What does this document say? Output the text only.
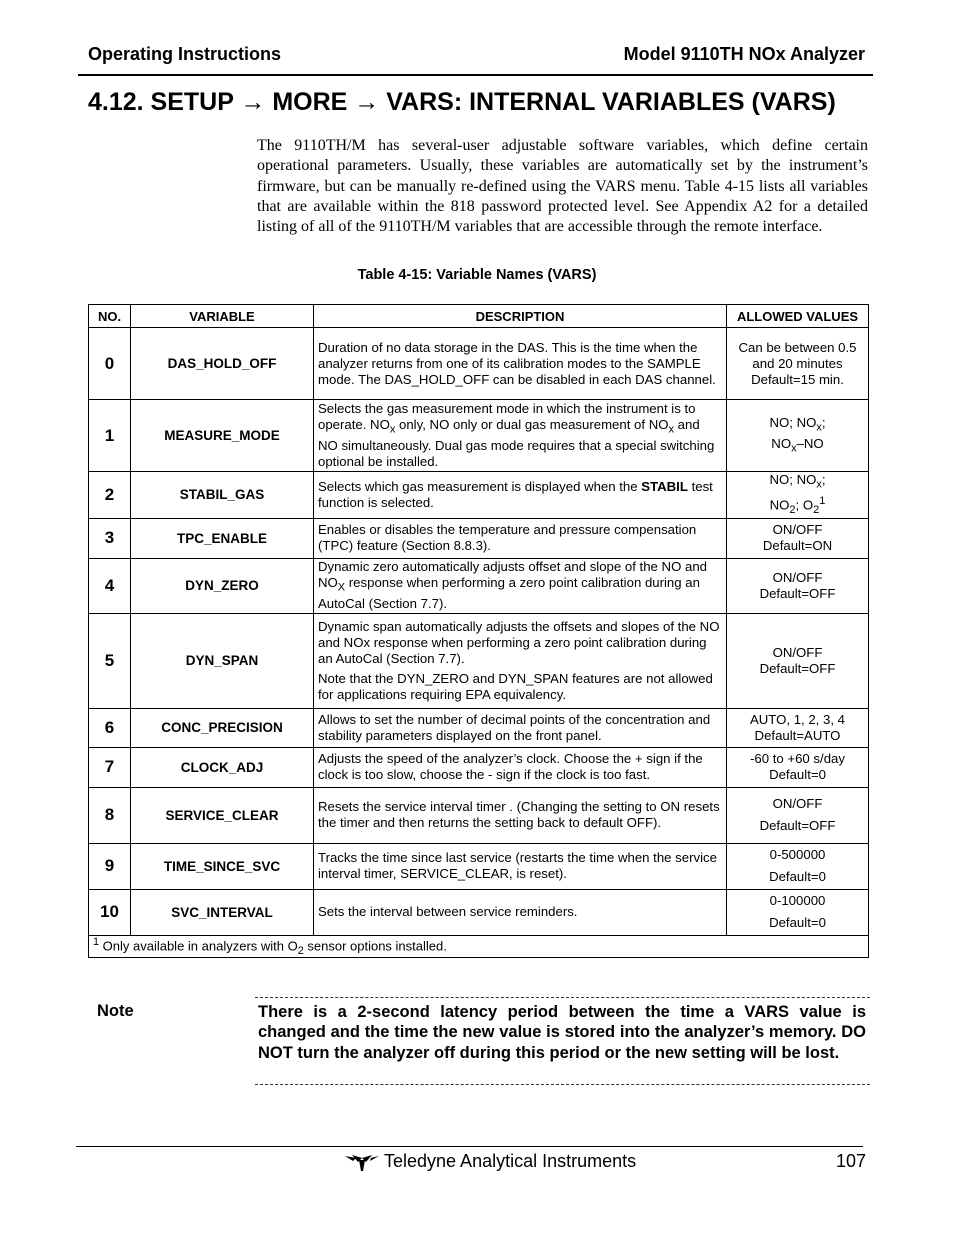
Operating Instructions	Model 9110TH NOx Analyzer
4.12. SETUP → MORE → VARS: INTERNAL VARIABLES (VARS)

The 9110TH/M has several-user adjustable software variables, which define certain operational parameters. Usually, these variables are automatically set by the instrument’s firmware, but can be manually re-defined using the VARS menu. Table 4-15 lists all variables that are available within the 818 password protected level. See Appendix A2 for a detailed listing of all of the 9110TH/M variables that are accessible through the remote interface.

Table 4-15: Variable Names (VARS)
NO.	VARIABLE	DESCRIPTION	ALLOWED VALUES
0	DAS_HOLD_OFF	Duration of no data storage in the DAS. This is the time when the analyzer returns from one of its calibration modes to the SAMPLE mode. The DAS_HOLD_OFF can be disabled in each DAS channel.	Can be between 0.5 and 20 minutes
Default=15 min.
1	MEASURE_MODE	Selects the gas measurement mode in which the instrument is to operate. $NO_x$ only, NO only or dual gas measurement of $NO_x$ and NO simultaneously. Dual gas mode requires that a special switching optional be installed.	NO; $NO_x$;
$NO_x-NO$
2	STABIL_GAS	Selects which gas measurement is displayed when the STABIL test function is selected.	NO; $NO_x$;
$NO_2$; $O_2^1$
3	TPC_ENABLE	Enables or disables the temperature and pressure compensation (TPC) feature (Section 8.8.3).	ON/OFF
Default=ON
4	DYN_ZERO	Dynamic zero automatically adjusts offset and slope of the NO and $NO_X$ response when performing a zero point calibration during an AutoCal (Section 7.7).	ON/OFF
Default=OFF
5	DYN_SPAN	Dynamic span automatically adjusts the offsets and slopes of the NO and NOx response when performing a zero point calibration during an AutoCal (Section 7.7).
Note that the DYN_ZERO and DYN_SPAN features are not allowed for applications requiring EPA equivalency.	ON/OFF
Default=OFF
6	CONC_PRECISION	Allows to set the number of decimal points of the concentration and stability parameters displayed on the front panel.	AUTO, 1, 2, 3, 4
Default=AUTO
7	CLOCK_ADJ	Adjusts the speed of the analyzer’s clock. Choose the + sign if the clock is too slow, choose the - sign if the clock is too fast.	-60 to +60 s/day
Default=0
8	SERVICE_CLEAR	Resets the service interval timer . (Changing the setting to ON resets the timer and then returns the setting back to default OFF).	ON/OFF
Default=OFF
9	TIME_SINCE_SVC	Tracks the time since last service (restarts the time when the service interval timer, SERVICE_CLEAR, is reset).	0-500000
Default=0
10	SVC_INTERVAL	Sets the interval between service reminders.	0-100000
Default=0
$^1$ Only available in analyzers with $O_2$ sensor options installed.			
Note	There is a 2-second latency period between the time a VARS value is changed and the time the new value is stored into the analyzer’s memory. DO NOT turn the analyzer off during this period or the new setting will be lost.

Teledyne Analytical Instruments	107
